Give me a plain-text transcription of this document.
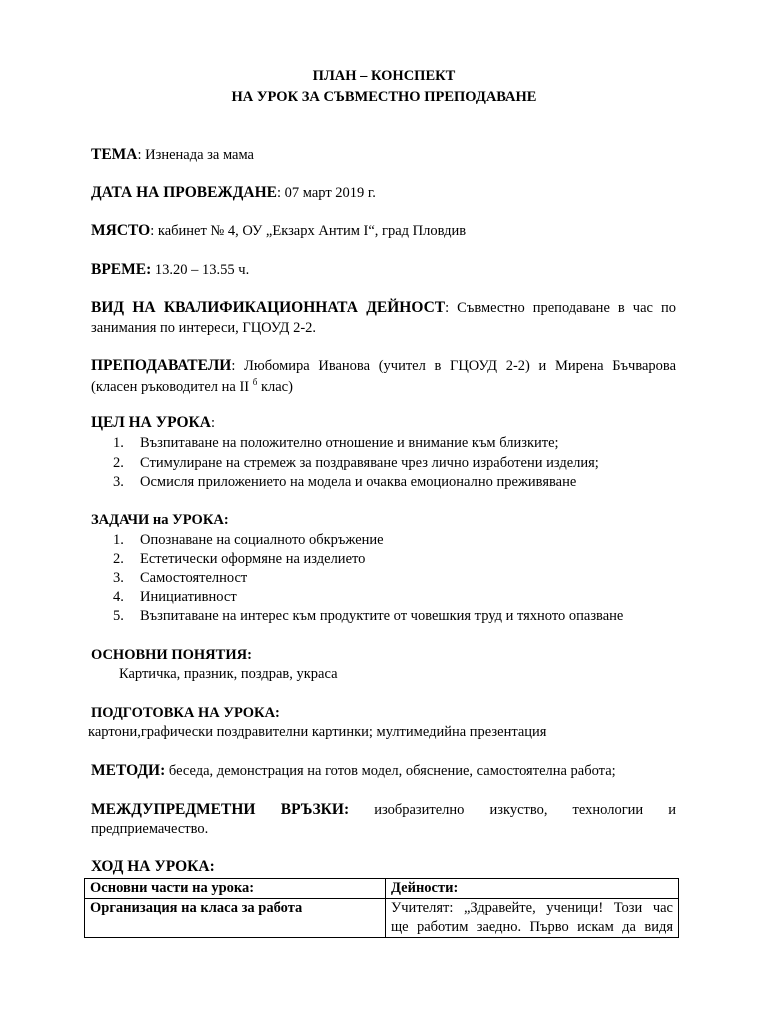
ПЛАН – КОНСПЕКТ
НА УРОК ЗА СЪВМЕСТНО ПРЕПОДАВАНЕ
ТЕМА: Изненада за мама
ДАТА НА ПРОВЕЖДАНЕ: 07 март 2019 г.
МЯСТО: кабинет № 4, ОУ „Екзарх Антим I“, град Пловдив
ВРЕМЕ: 13.20 – 13.55 ч.
ВИД НА КВАЛИФИКАЦИОННАТА ДЕЙНОСТ: Съвместно преподаване в час по
занимания по интереси, ГЦОУД 2-2.
ПРЕПОДАВАТЕЛИ: Любомира Иванова (учител в ГЦОУД 2-2) и Мирена Бъчварова
(класен ръководител на II $^б$ клас)
ЦЕЛ НА УРОКА:
1. Възпитаване на положително отношение и внимание към близките;
2. Стимулиране на стремеж за поздравяване чрез лично изработени изделия;
3. Осмисля приложението на модела и очаква емоционално преживяване
ЗАДАЧИ на УРОКА:
1. Опознаване на социалното обкръжение
2. Естетически оформяне на изделието
3. Самостоятелност
4. Инициативност
5. Възпитаване на интерес към продуктите от човешкия труд и тяхното опазване
ОСНОВНИ ПОНЯТИЯ:
Картичка, празник, поздрав, украса
ПОДГОТОВКА НА УРОКА:
картони,графически поздравителни картинки; мултимедийна презентация
МЕТОДИ: беседа, демонстрация на готов модел, обяснение, самостоятелна работа;
МЕЖДУПРЕДМЕТНИ ВРЪЗКИ: изобразително изкуство, технологии и
предприемачество.
ХОД НА УРОКА:
Основни части на урока:	Дейности:
Организация на класа за работа	Учителят: „Здравейте, ученици! Този час
ще работим заедно. Първо искам да видя
